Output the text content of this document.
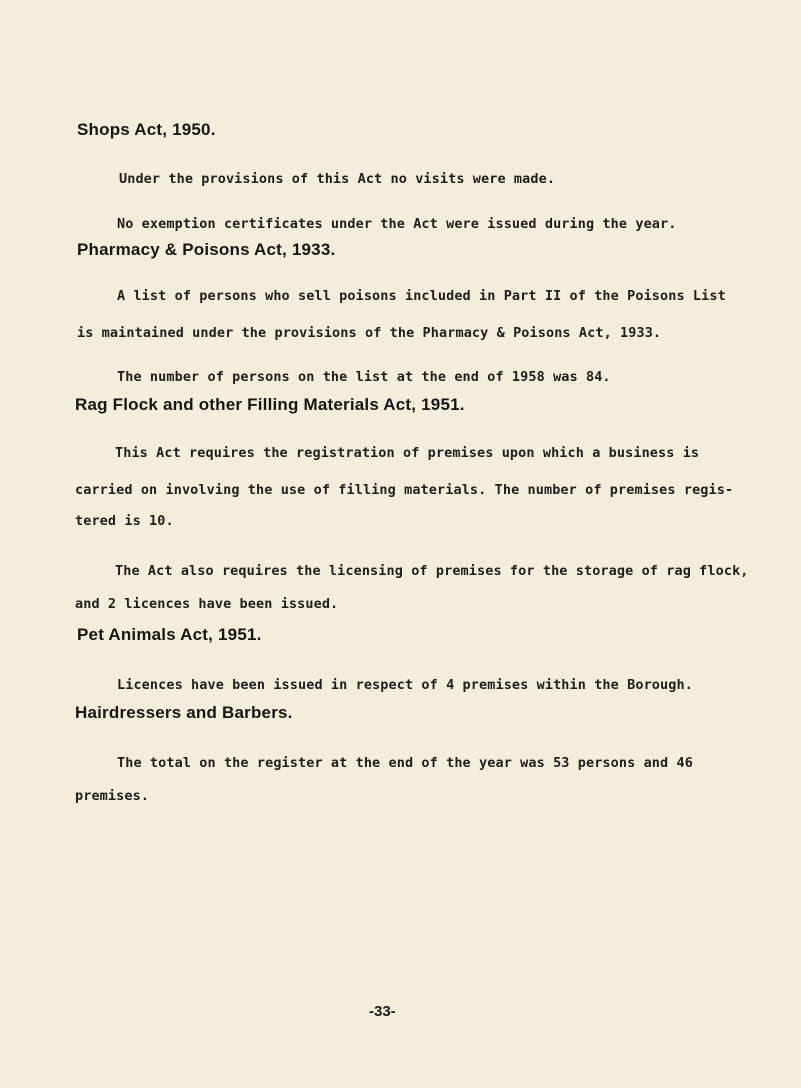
Shops Act, 1950.
Under the provisions of this Act no visits were made.
No exemption certificates under the Act were issued during the year.
Pharmacy & Poisons Act, 1933.
A list of persons who sell poisons included in Part II of the Poisons List
is maintained under the provisions of the Pharmacy & Poisons Act, 1933.
The number of persons on the list at the end of 1958 was 84.
Rag Flock and other Filling Materials Act, 1951.
This Act requires the registration of premises upon which a business is
carried on involving the use of filling materials. The number of premises regis-
tered is 10.
The Act also requires the licensing of premises for the storage of rag flock,
and 2 licences have been issued.
Pet Animals Act, 1951.
Licences have been issued in respect of 4 premises within the Borough.
Hairdressers and Barbers.
The total on the register at the end of the year was 53 persons and 46
premises.
-33-
